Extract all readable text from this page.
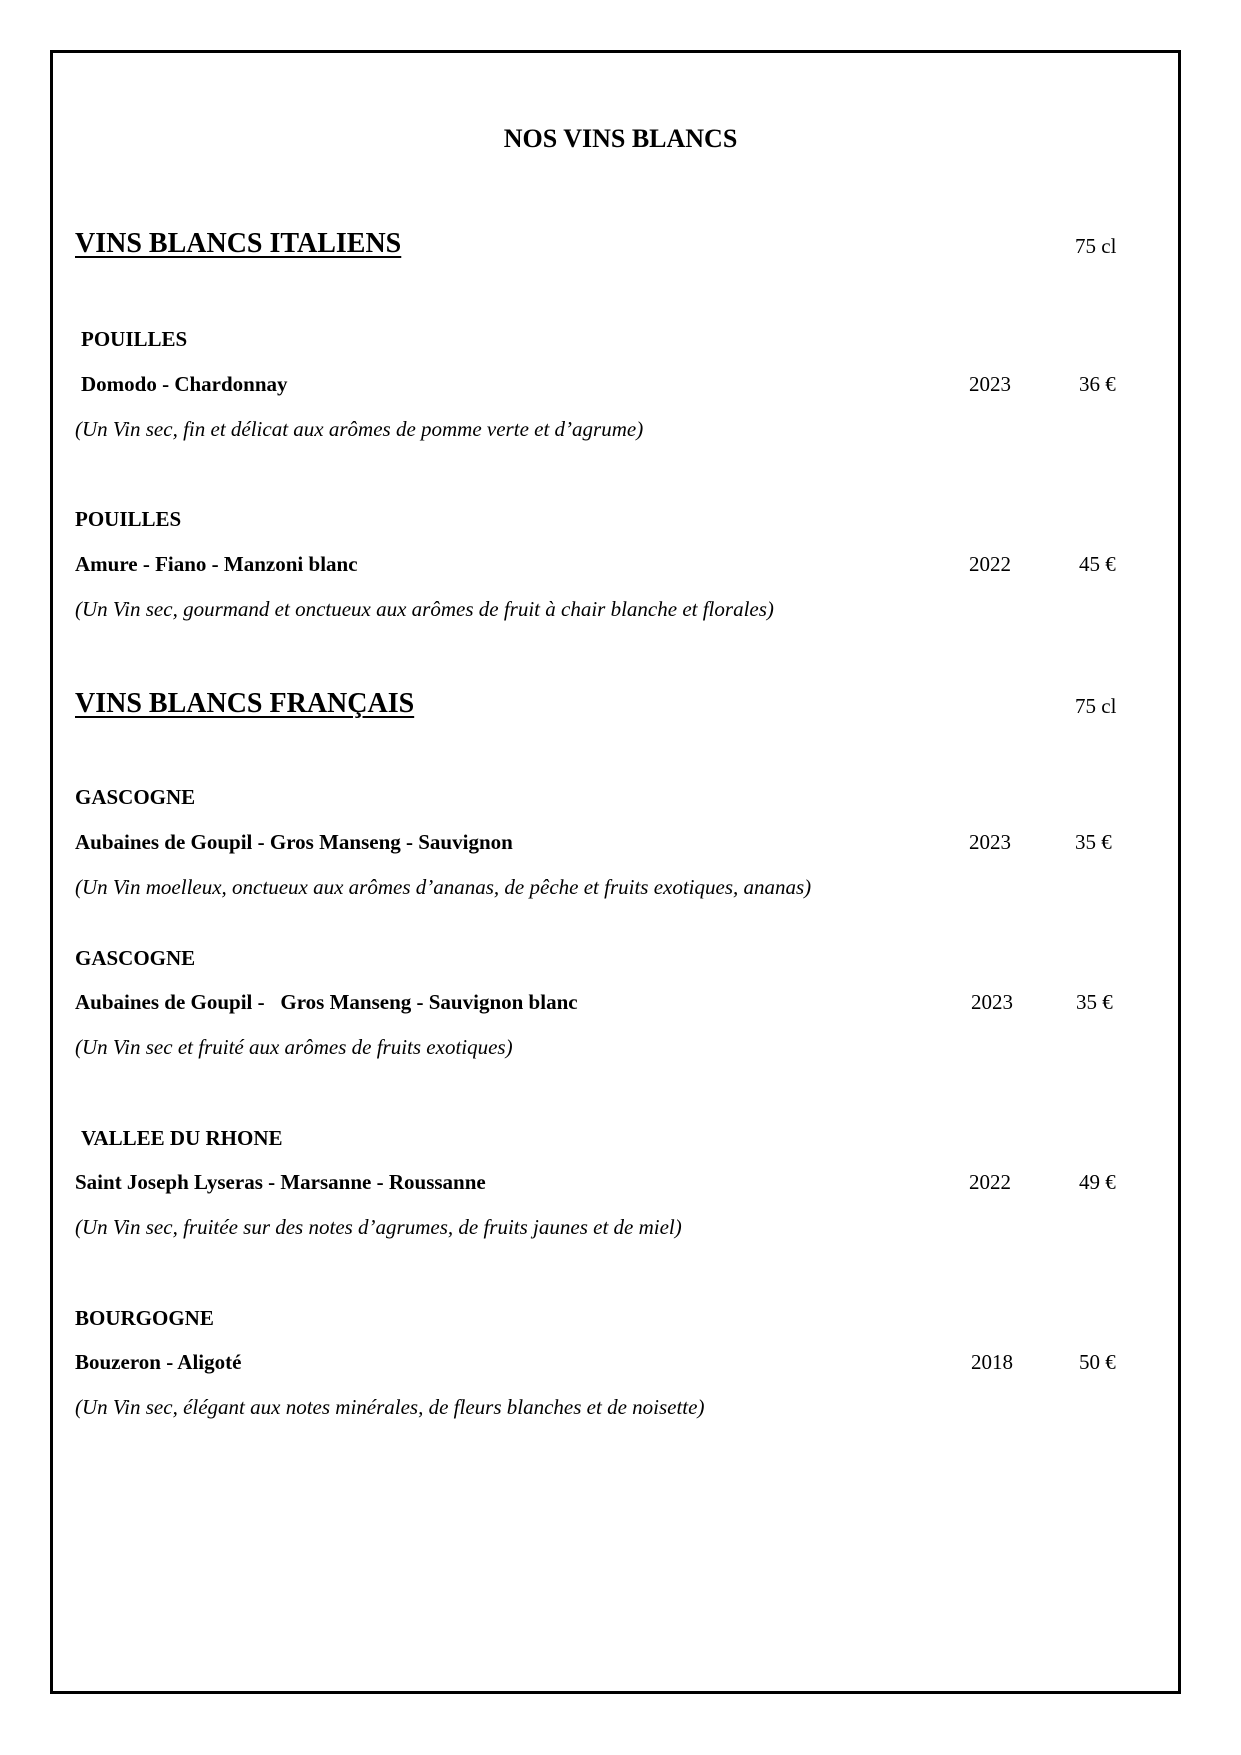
NOS VINS BLANCS
VINS BLANCS ITALIENS	75 cl
POUILLES
Domodo - Chardonnay	2023	36 €
(Un Vin sec, fin et délicat aux arômes de pomme verte et d’agrume)
POUILLES
Amure - Fiano - Manzoni blanc	2022	45 €
(Un Vin sec, gourmand et onctueux aux arômes de fruit à chair blanche et florales)
VINS BLANCS FRANÇAIS	75 cl
GASCOGNE
Aubaines de Goupil - Gros Manseng - Sauvignon	2023	35 €
(Un Vin moelleux, onctueux aux arômes d’ananas, de pêche et fruits exotiques, ananas)
GASCOGNE
Aubaines de Goupil -   Gros Manseng - Sauvignon blanc	2023	35 €
(Un Vin sec et fruité aux arômes de fruits exotiques)
VALLEE DU RHONE
Saint Joseph Lyseras - Marsanne - Roussanne	2022	49 €
(Un Vin sec, fruitée sur des notes d’agrumes, de fruits jaunes et de miel)
BOURGOGNE
Bouzeron - Aligoté	2018	50 €
(Un Vin sec, élégant aux notes minérales, de fleurs blanches et de noisette)
